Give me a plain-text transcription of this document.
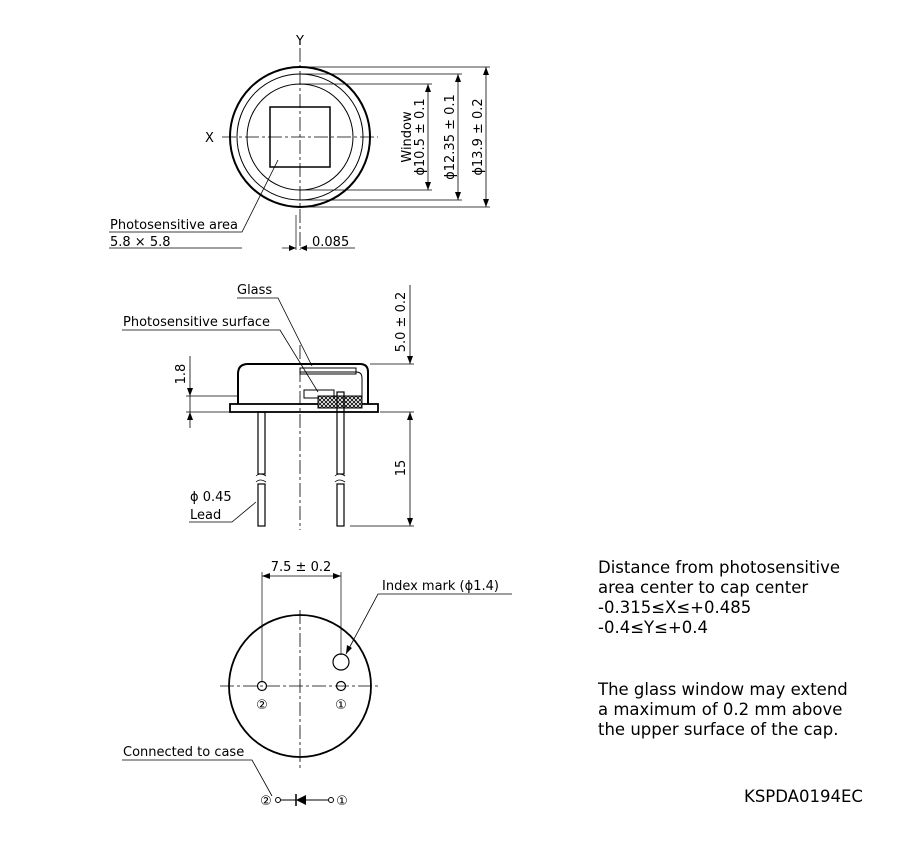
Y
X	Window
ϕ10.5 ± 0.1 ϕ12.35 ± 0.1 ϕ13.9 ± 0.2
Photosensitive area
5.8 × 5.8	0.085
Glass
Photosensitive surface	5.0 ± 0.2
1.8
15
ϕ 0.45
Lead
7.5 ± 0.2
Index mark (ϕ1.4)
②	①
Connected to case
②	①

Distance from photosensitive

area center to cap center

-0.315≤X≤+0.485

-0.4≤Y≤+0.4

The glass window may extend

a maximum of 0.2 mm above

the upper surface of the cap.

KSPDA0194EC
